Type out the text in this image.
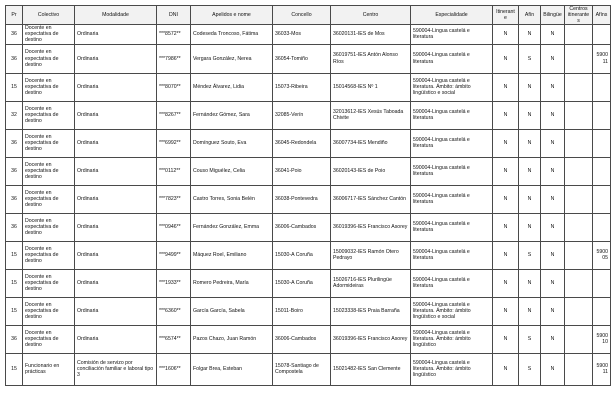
Pr	Colectivo	Modalidade	DNI	Apelidos e nome	Concello	Centro	Especialidade	Itinerante	Afín	Bilingüe	Centros itinerantes	Afíns
36	Docente en expectativa de destino	Ordinaria	***8572**	Codeseda Troncoso, Fátima	36033-Mos	36020131-IES de Mos	590004-Lingua castelá e literatura	N	N	N		
36	Docente en expectativa de destino	Ordinaria	***7986**	Vergara González, Nerea	36054-Tomiño	36019751-IES Antón Alonso Ríos	590004-Lingua castelá e literatura	N	S	N		590011
15	Docente en expectativa de destino	Ordinaria	***8070**	Méndez Álvarez, Lidia	15073-Ribeira	15014568-IES Nº 1	590004-Lingua castelá e literatura. Ámbito: ámbito lingüístico e social	N	N	N		
32	Docente en expectativa de destino	Ordinaria	***8267**	Fernández Gómez, Sara	32085-Verín	32013612-IES Xesús Taboada Chivite	590004-Lingua castelá e literatura	N	N	N		
36	Docente en expectativa de destino	Ordinaria	***6992**	Domínguez Souto, Eva	36045-Redondela	36007734-IES Mendiño	590004-Lingua castelá e literatura	N	N	N		
36	Docente en expectativa de destino	Ordinaria	***0112**	Couso Miguélez, Celia	36041-Poio	36020143-IES de Poio	590004-Lingua castelá e literatura	N	N	N		
36	Docente en expectativa de destino	Ordinaria	***7823**	Castro Torres, Sonia Belén	36038-Pontevedra	36006717-IES Sánchez Cantón	590004-Lingua castelá e literatura	N	N	N		
36	Docente en expectativa de destino	Ordinaria	***0946**	Fernández González, Emma	36006-Cambados	36019396-IES Francisco Asorey	590004-Lingua castelá e literatura	N	N	N		
15	Docente en expectativa de destino	Ordinaria	***9499**	Máquez Roel, Emiliano	15030-A Coruña	15009032-IES Ramón Otero Pedrayo	590004-Lingua castelá e literatura	N	S	N		590005
15	Docente en expectativa de destino	Ordinaria	***1933**	Romero Pedreira, María	15030-A Coruña	15026716-IES Plurilingüe Adormideiras	590004-Lingua castelá e literatura	N	N	N		
15	Docente en expectativa de destino	Ordinaria	***6360**	García García, Sabela	15011-Boiro	15023338-IES Praia Barraña	590004-Lingua castelá e literatura. Ámbito: ámbito lingüístico e social	N	N	N		
36	Docente en expectativa de destino	Ordinaria	***6574**	Pazos Chazo, Juan Ramón	36006-Cambados	36019396-IES Francisco Asorey	590004-Lingua castelá e literatura. Ámbito: ámbito lingüístico	N	S	N		590010
15	Funcionario en prácticas	Comisión de servizo por conciliación familiar e laboral tipo 3	***1606**	Folgar Brea, Esteban	15078-Santiago de Compostela	15021482-IES San Clemente	590004-Lingua castelá e literatura. Ámbito: ámbito lingüístico	N	S	N		590011
